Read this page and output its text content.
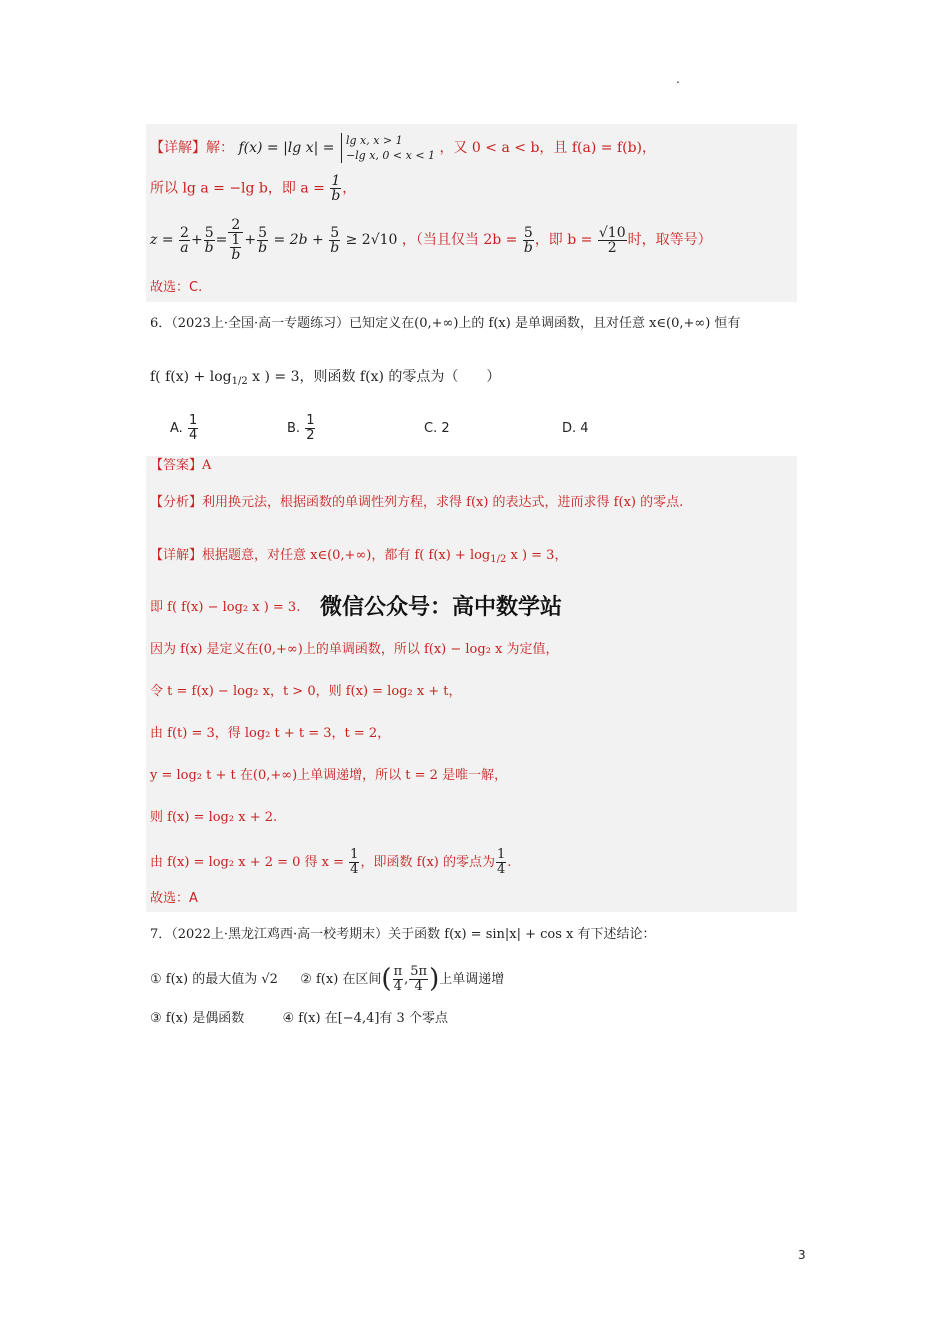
.
【详解】解： f(x) = |lg x| = lg x, x > 1
−lg x, 0 < x < 1 ，又 0 < a < b，且 f(a) = f(b)，
所以 lg a = −lg b，即 $a = \frac{1}{b}$ ，
$z = \frac{2}{a} + \frac{5}{b} = \frac{2}{\frac{1}{b}} + \frac{5}{b} = 2b + \frac{5}{b} \ge 2√10$ ，（当且仅当 $2b = \frac{5}{b}$ ，即 $b = \frac{√10}{2}$ 时，取等号）
故选：C.
6．（2023上·全国·高一专题练习）已知定义在(0,+∞)上的 f(x) 是单调函数，且对任意 x∈(0,+∞) 恒有
f( $f(x) + \log_{1/2} x$ ) = 3，则函数 f(x) 的零点为（　　）
A. $\frac{1}{4}$	B. $\frac{1}{2}$	C. 2	D. 4
【答案】A
【分析】利用换元法，根据函数的单调性列方程，求得 f(x) 的表达式，进而求得 f(x) 的零点.
【详解】根据题意，对任意 x∈(0,+∞)，都有 f( $f(x) + \log_{1/2} x$ ) = 3，
即 f( f(x) − log₂ x ) = 3. 微信公众号：高中数学站
因为 f(x) 是定义在(0,+∞)上的单调函数，所以 f(x) − log₂ x 为定值，
令 t = f(x) − log₂ x，t > 0，则 f(x) = log₂ x + t，
由 f(t) = 3，得 log₂ t + t = 3，t = 2，
y = log₂ t + t 在(0,+∞)上单调递增，所以 t = 2 是唯一解，
则 f(x) = log₂ x + 2.
由 f(x) = log₂ x + 2 = 0 得 $x = \frac{1}{4}$ ，即函数 f(x) 的零点为 $\frac{1}{4}$ .
故选：A
7．（2022上·黑龙江鸡西·高一校考期末）关于函数 f(x) = sin|x| + cos x 有下述结论：
① f(x) 的最大值为 √2 ② f(x) 在区间( $\frac{\pi}{4}$ , $\frac{5\pi}{4}$ )上单调递增
③ f(x) 是偶函数	④ f(x) 在[−4,4]有 3 个零点
3
